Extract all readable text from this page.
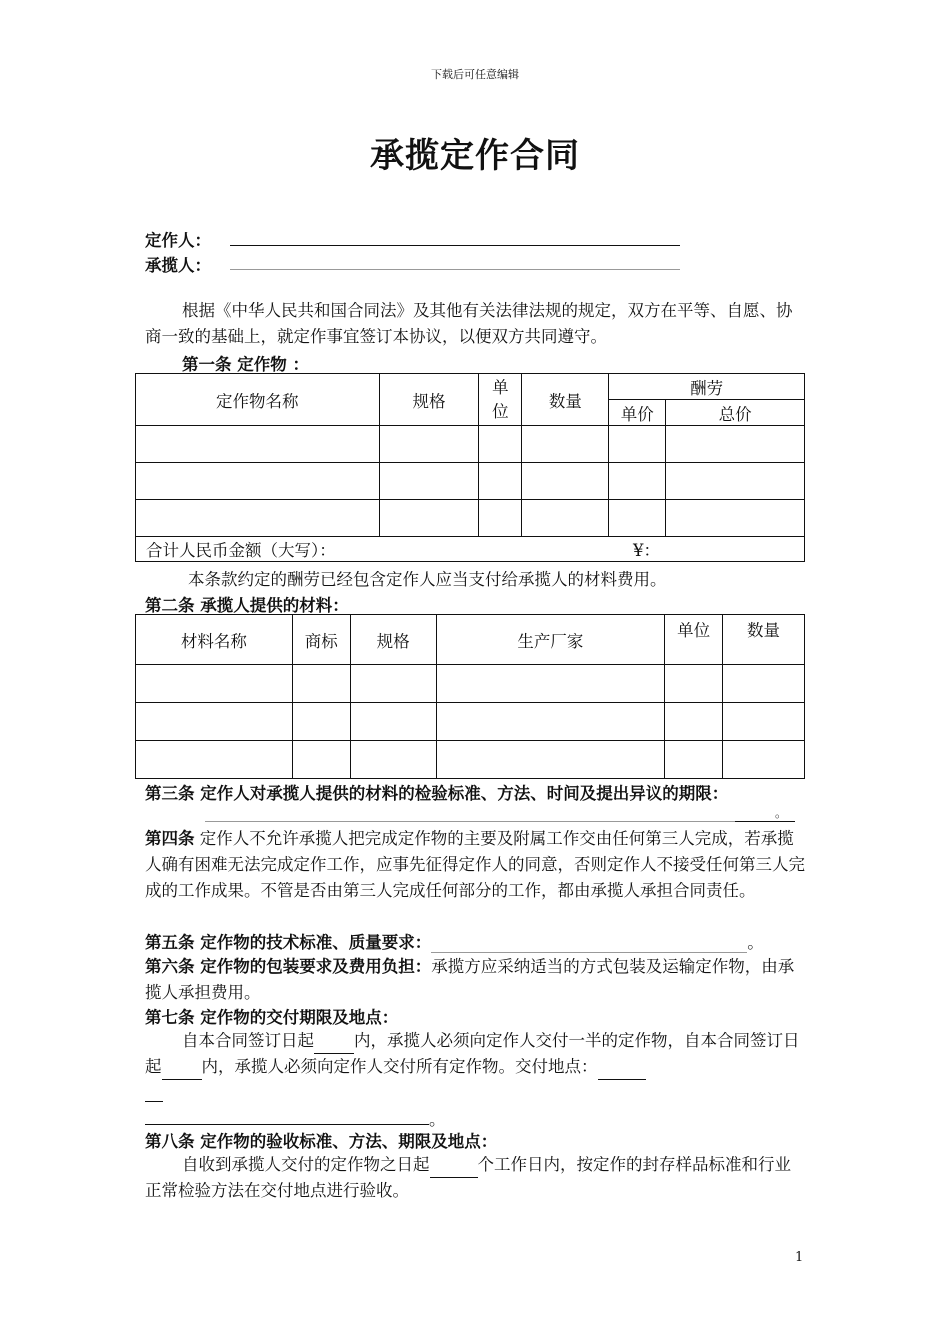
下载后可任意编辑
承揽定作合同
定作人：
承揽人：
根据《中华人民共和国合同法》及其他有关法律法规的规定，双方在平等、自愿、协商一致的基础上，就定作事宜签订本协议，以便双方共同遵守。
第一条 定作物 ：
定作物名称	规格	单位	数量	酬劳	
				单价	总价

合计人民币金额（大写）： ¥：					
本条款约定的酬劳已经包含定作人应当支付给承揽人的材料费用。
第二条 承揽人提供的材料：
材料名称	商标	规格	生产厂家	单位	数量

第三条 定作人对承揽人提供的材料的检验标准、方法、时间及提出异议的期限：
。
第四条 定作人不允许承揽人把完成定作物的主要及附属工作交由任何第三人完成，若承揽人确有困难无法完成定作工作，应事先征得定作人的同意，否则定作人不接受任何第三人完成的工作成果。不管是否由第三人完成任何部分的工作，都由承揽人承担合同责任。
第五条 定作物的技术标准、质量要求：	。
第六条 定作物的包装要求及费用负担：承揽方应采纳适当的方式包装及运输定作物，由承揽人承担费用。
第七条 定作物的交付期限及地点：
自本合同签订日起 内，承揽人必须向定作人交付一半的定作物，自本合同签订日起 内，承揽人必须向定作人交付所有定作物。交付地点：
。
第八条 定作物的验收标准、方法、期限及地点：
自收到承揽人交付的定作物之日起	个工作日内，按定作的封存样品标准和行业正常检验方法在交付地点进行验收。
1
